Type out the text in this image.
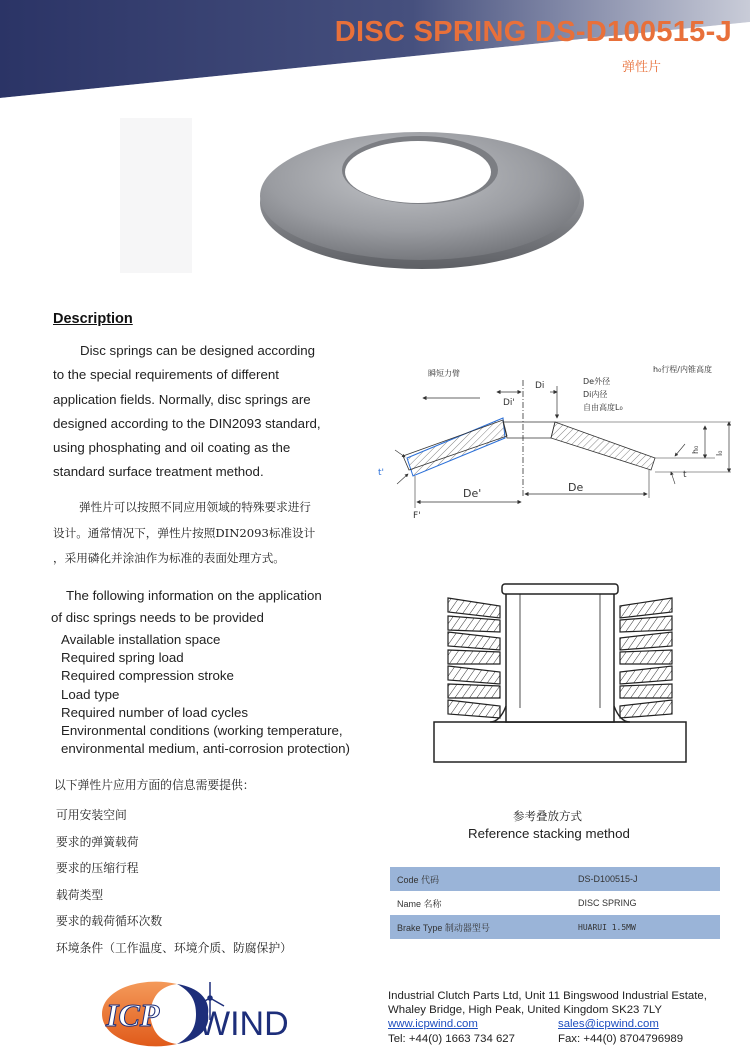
DISC SPRING DS-D100515-J
弹性片
Description
Disc springs can be designed according
to the special requirements of different
application fields. Normally, disc springs are
designed according to the DIN2093 standard,
using phosphating and oil coating as the
standard surface treatment method.
弹性片可以按照不同应用领域的特殊要求进行
设计。通常情况下，弹性片按照DIN2093标准设计
，采用磷化并涂油作为标准的表面处理方式。
The following information on the application
of disc springs needs to be provided
Available installation space
Required spring load
Required compression stroke
Load type
Required number of load cycles
Environmental conditions (working temperature,
environmental medium, anti-corrosion protection)
以下弹性片应用方面的信息需要提供：
可用安装空间
要求的弹簧载荷
要求的压缩行程
载荷类型
要求的载荷循环次数
环境条件（工作温度、环境介质、防腐保护）
瞬短力臂	h₀行程/内锥高度
De外径
Di内径
自由高度L₀
Di
Di'
De'	De
F'
t
t'
h₀ l₀
参考叠放方式
Reference stacking method
Code 代码	DS-D100515-J
Name 名称	DISC SPRING
Brake Type 制动器型号	HUARUI 1.5MW
ICP WIND
Industrial Clutch Parts Ltd, Unit 11 Bingswood Industrial Estate,
Whaley Bridge, High Peak, United Kingdom SK23 7LY
www.icpwind.com	sales@icpwind.com
Tel: +44(0) 1663 734 627	Fax: +44(0) 8704796989
